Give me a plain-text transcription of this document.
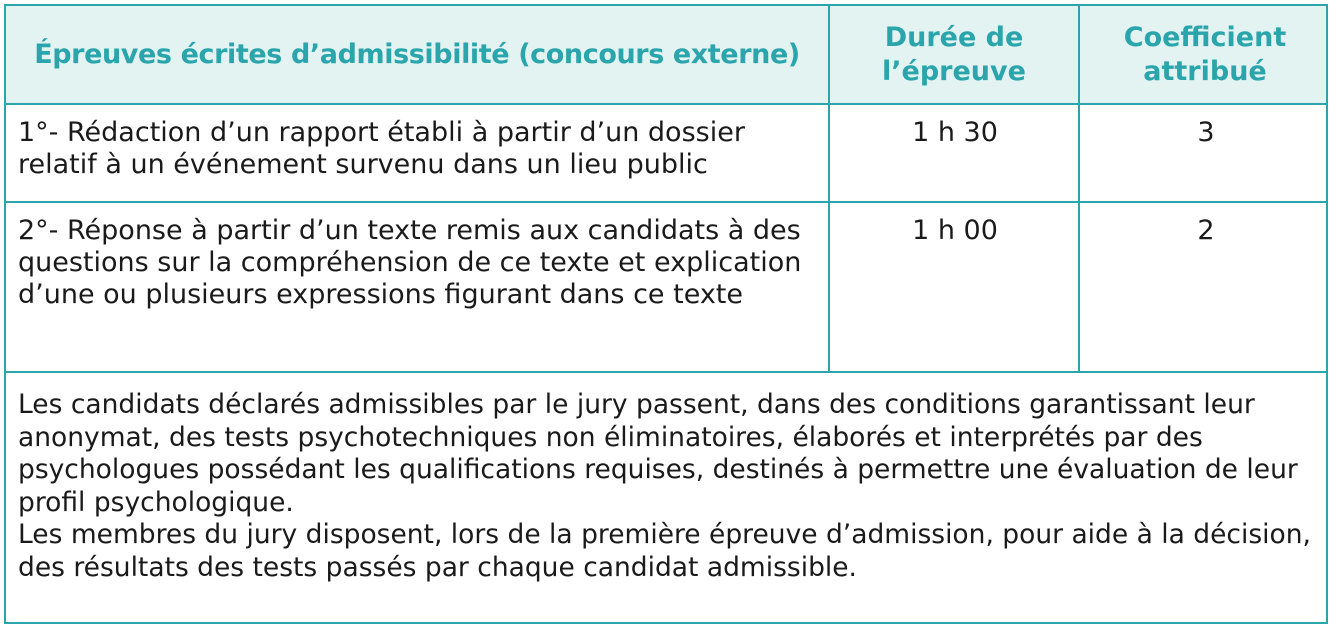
Épreuves écrites d’admissibilité (concours externe)	Durée de l’épreuve	Coefficient attribué
1°- Rédaction d’un rapport établi à partir d’un dossier relatif à un événement survenu dans un lieu public	1 h 30	3
2°- Réponse à partir d’un texte remis aux candidats à des questions sur la compréhension de ce texte et explication d’une ou plusieurs expressions figurant dans ce texte	1 h 00	2

Les candidats déclarés admissibles par le jury passent, dans des conditions garantissant leur anonymat, des tests psychotechniques non éliminatoires, élaborés et interprétés par des psychologues possédant les qualifications requises, destinés à permettre une évaluation de leur profil psychologique.
Les membres du jury disposent, lors de la première épreuve d’admission, pour aide à la décision, des résultats des tests passés par chaque candidat admissible.		
